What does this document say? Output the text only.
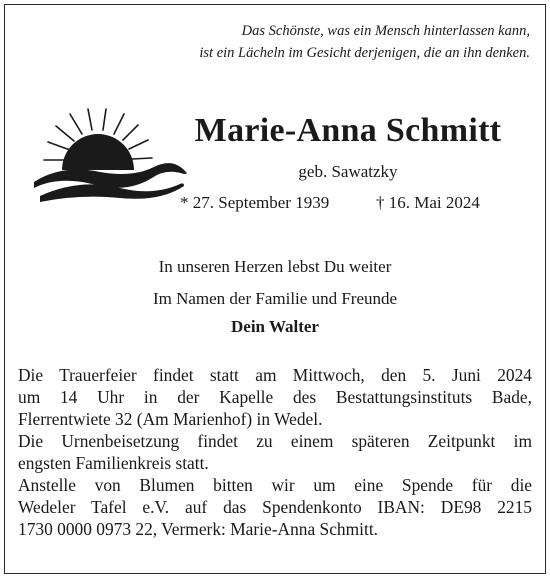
Das Schönste, was ein Mensch hinterlassen kann,
ist ein Lächeln im Gesicht derjenigen, die an ihn denken.
Marie-Anna Schmitt
geb. Sawatzky
* 27. September 1939	† 16. Mai 2024
In unseren Herzen lebst Du weiter
Im Namen der Familie und Freunde
Dein Walter
Die Trauerfeier findet statt am Mittwoch, den 5. Juni 2024
um 14 Uhr in der Kapelle des Bestattungsinstituts Bade,
Flerrentwiete 32 (Am Marienhof) in Wedel.
Die Urnenbeisetzung findet zu einem späteren Zeitpunkt im
engsten Familienkreis statt.
Anstelle von Blumen bitten wir um eine Spende für die
Wedeler Tafel e.V. auf das Spendenkonto IBAN: DE98 2215
1730 0000 0973 22, Vermerk: Marie-Anna Schmitt.
